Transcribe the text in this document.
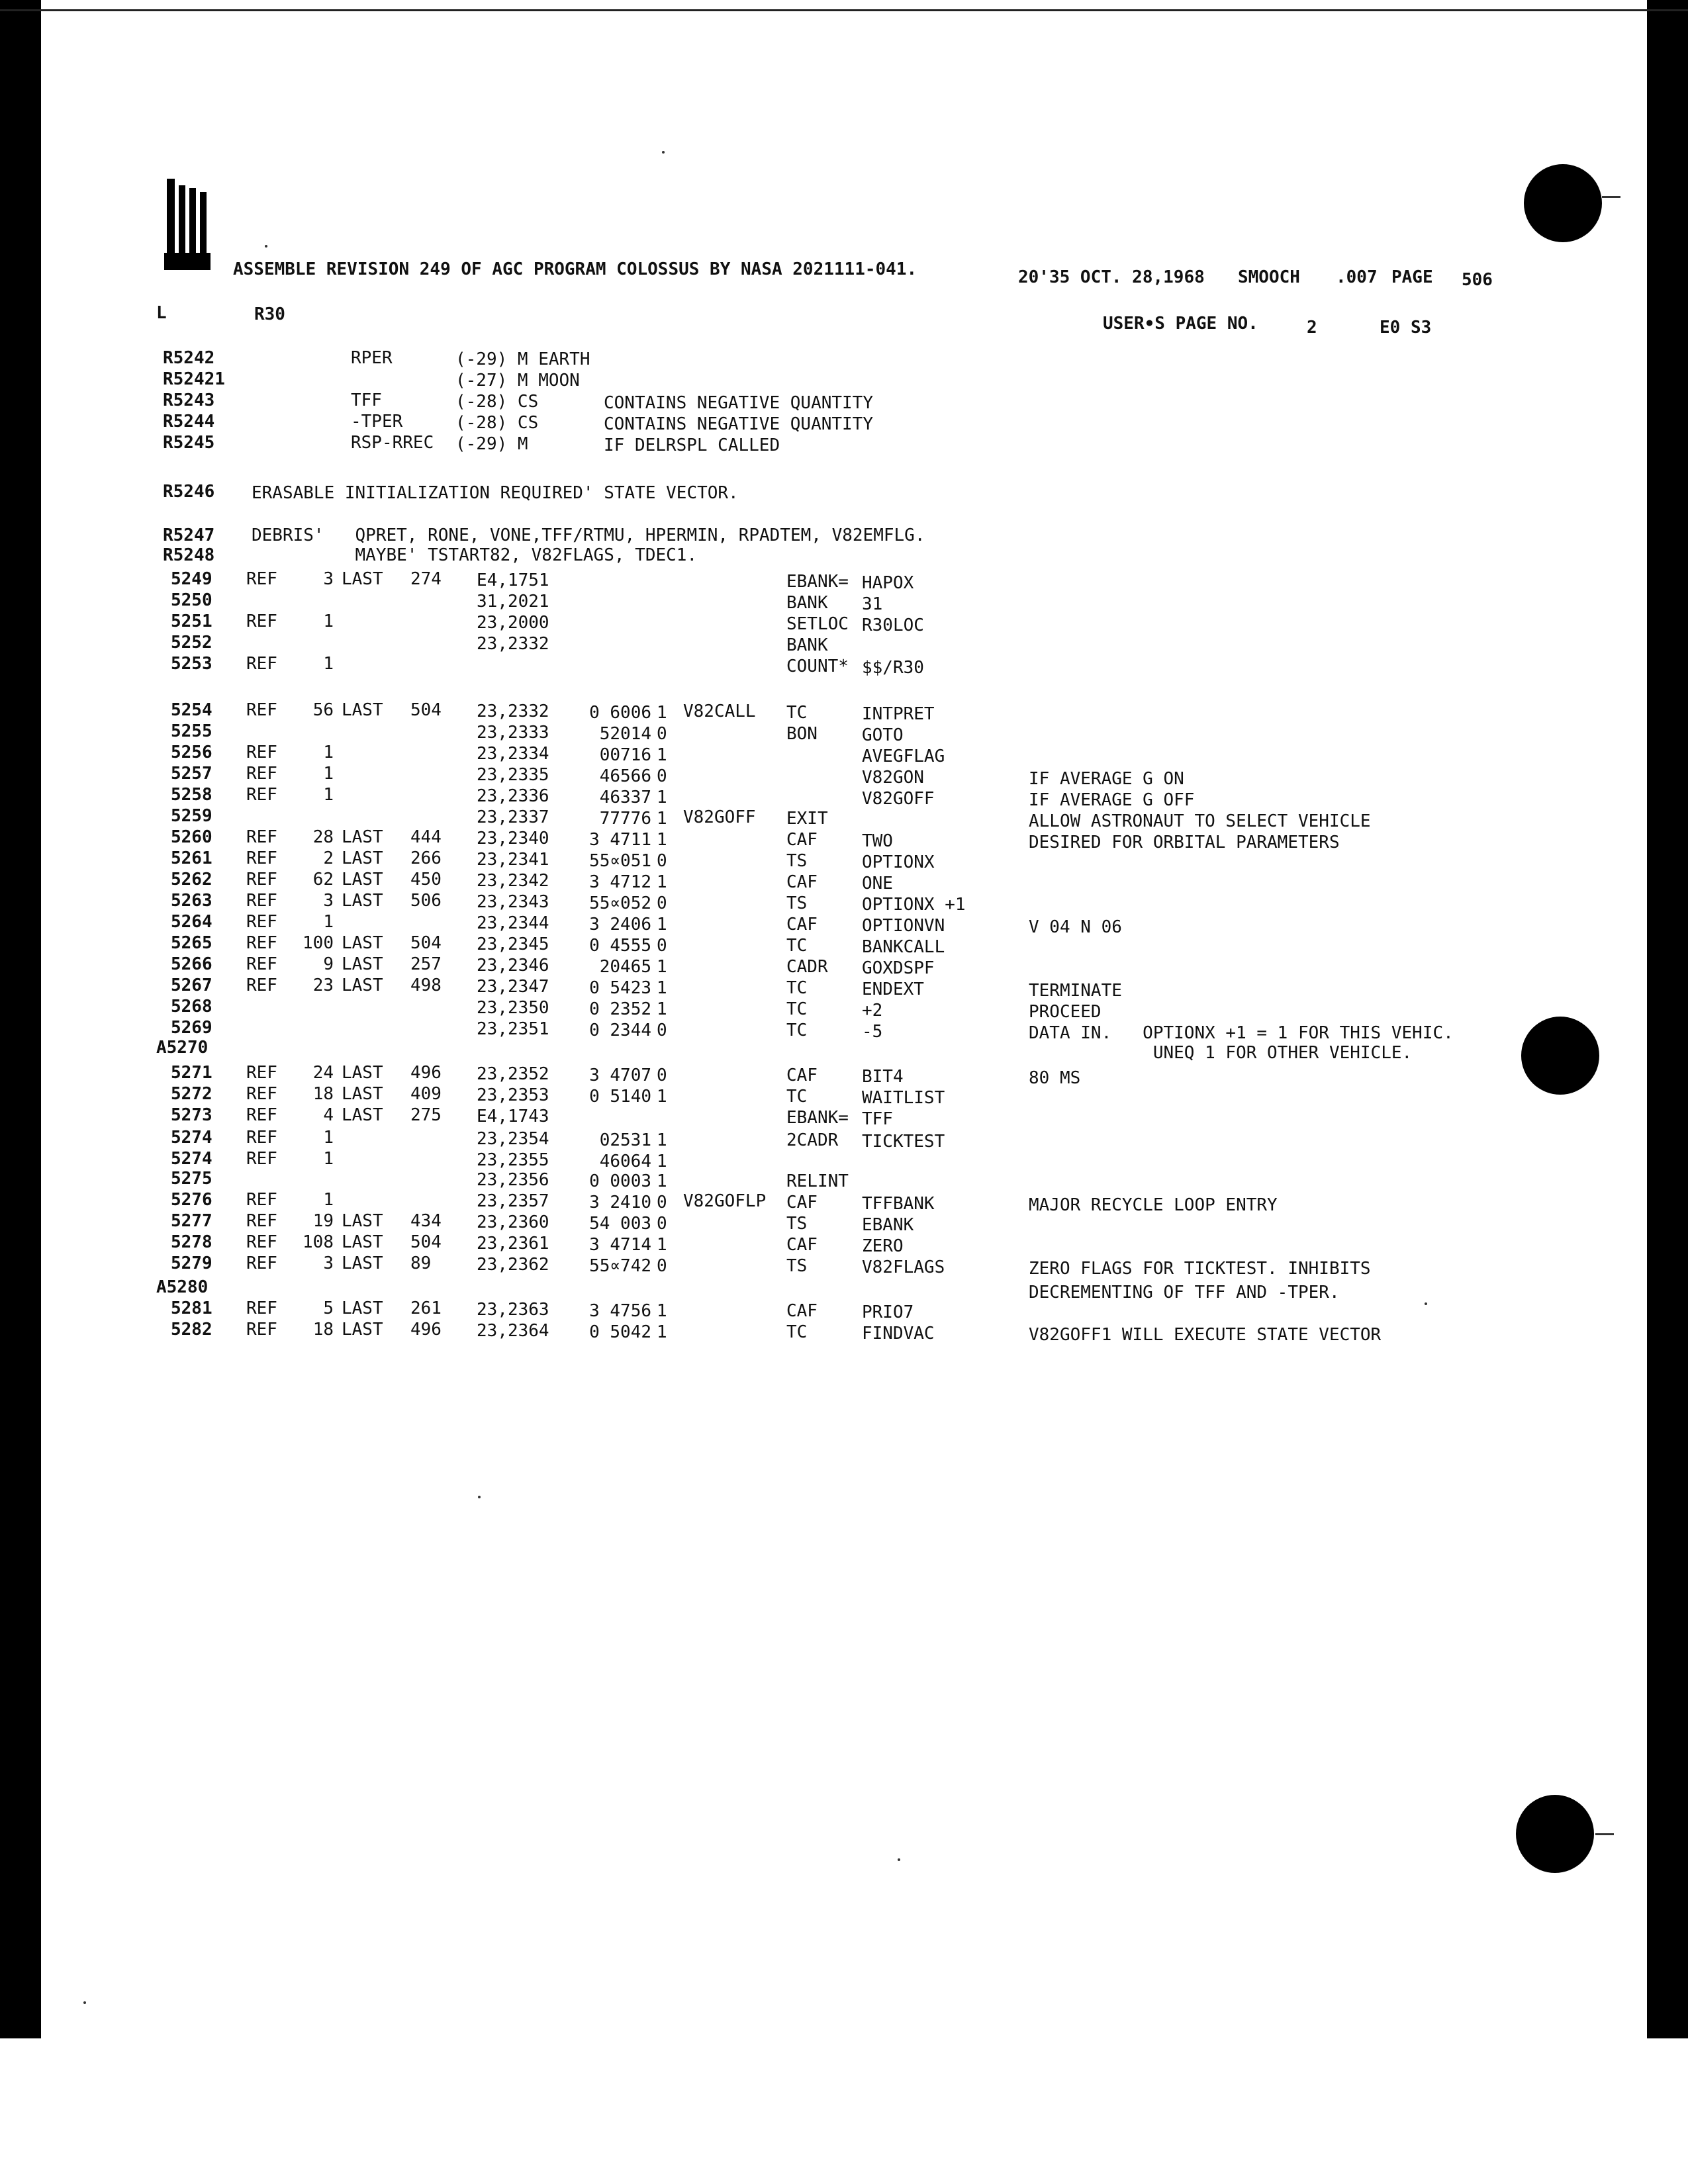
ASSEMBLE REVISION 249 OF AGC PROGRAM COLOSSUS BY NASA 2021111-041.	20'35 OCT. 28,1968 SMOOCH .007 PAGE 506
L	R30	USER∙S PAGE NO.	2	E0 S3
R5242	RPER	(-29) M EARTH
R52421	(-27) M MOON
R5243	TFF	(-28) CS	CONTAINS NEGATIVE QUANTITY
R5244	-TPER	(-28) CS	CONTAINS NEGATIVE QUANTITY
R5245	RSP-RREC (-29) M	IF DELRSPL CALLED
R5246 ERASABLE INITIALIZATION REQUIRED' STATE VECTOR.
R5247 DEBRIS'   QPRET, RONE, VONE,TFF/RTMU, HPERMIN, RPADTEM, V82EMFLG.
R5248 MAYBE' TSTART82, V82FLAGS, TDEC1.
5249 REF	3 LAST 274 E4,1751	EBANK= HAPOX
5250	31,2021	BANK 31
5251 REF	1	23,2000	SETLOC R30LOC
5252	23,2332	BANK
5253 REF	1	COUNT* $$/R30
5254 REF	56 LAST 504 23,2332	0 6006 1 V82CALL TC	INTPRET
5255	23,2333	52014 0	BON	GOTO
5256 REF	1	23,2334	00716 1	AVEGFLAG
5257 REF	1	23,2335	46566 0	V82GON	IF AVERAGE G ON
5258 REF	1	23,2336	46337 1	V82GOFF	IF AVERAGE G OFF
5259	23,2337	77776 1 V82GOFF EXIT	ALLOW ASTRONAUT TO SELECT VEHICLE
5260 REF	28 LAST 444 23,2340	3 4711 1	CAF	TWO	DESIRED FOR ORBITAL PARAMETERS
5261 REF	2 LAST 266 23,2341	55∝051 0	TS	OPTIONX
5262 REF	62 LAST 450 23,2342	3 4712 1	CAF	ONE
5263 REF	3 LAST 506 23,2343	55∝052 0	TS	OPTIONX +1
5264 REF	1	23,2344	3 2406 1	CAF	OPTIONVN	V 04 N 06
5265 REF	100 LAST 504 23,2345	0 4555 0	TC	BANKCALL
5266 REF	9 LAST 257 23,2346	20465 1	CADR GOXDSPF
5267 REF	23 LAST 498 23,2347	0 5423 1	TC	ENDEXT	TERMINATE
5268	23,2350	0 2352 1	TC	+2	PROCEED
5269	23,2351	0 2344 0	TC	-5	DATA IN.   OPTIONX +1 = 1 FOR THIS VEHIC.
A5270	UNEQ 1 FOR OTHER VEHICLE.
5271 REF	24 LAST 496 23,2352	3 4707 0	CAF	BIT4	80 MS
5272 REF	18 LAST 409 23,2353	0 5140 1	TC	WAITLIST
5273 REF	4 LAST 275 E4,1743	EBANK= TFF
5274 REF	1	23,2354	02531 1	2CADR TICKTEST
5274 REF	1	23,2355	46064 1
5275	23,2356	0 0003 1	RELINT
5276 REF	1	23,2357	3 2410 0 V82GOFLP CAF	TFFBANK	MAJOR RECYCLE LOOP ENTRY
5277 REF	19 LAST 434 23,2360	54 003 0	TS	EBANK
5278 REF	108 LAST 504 23,2361	3 4714 1	CAF	ZERO
5279 REF	3 LAST 89	23,2362	55∝742 0	TS	V82FLAGS	ZERO FLAGS FOR TICKTEST. INHIBITS
A5280	DECREMENTING OF TFF AND -TPER.
5281 REF	5 LAST 261 23,2363	3 4756 1	CAF	PRIO7
5282 REF	18 LAST 496 23,2364	0 5042 1	TC	FINDVAC	V82GOFF1 WILL EXECUTE STATE VECTOR
